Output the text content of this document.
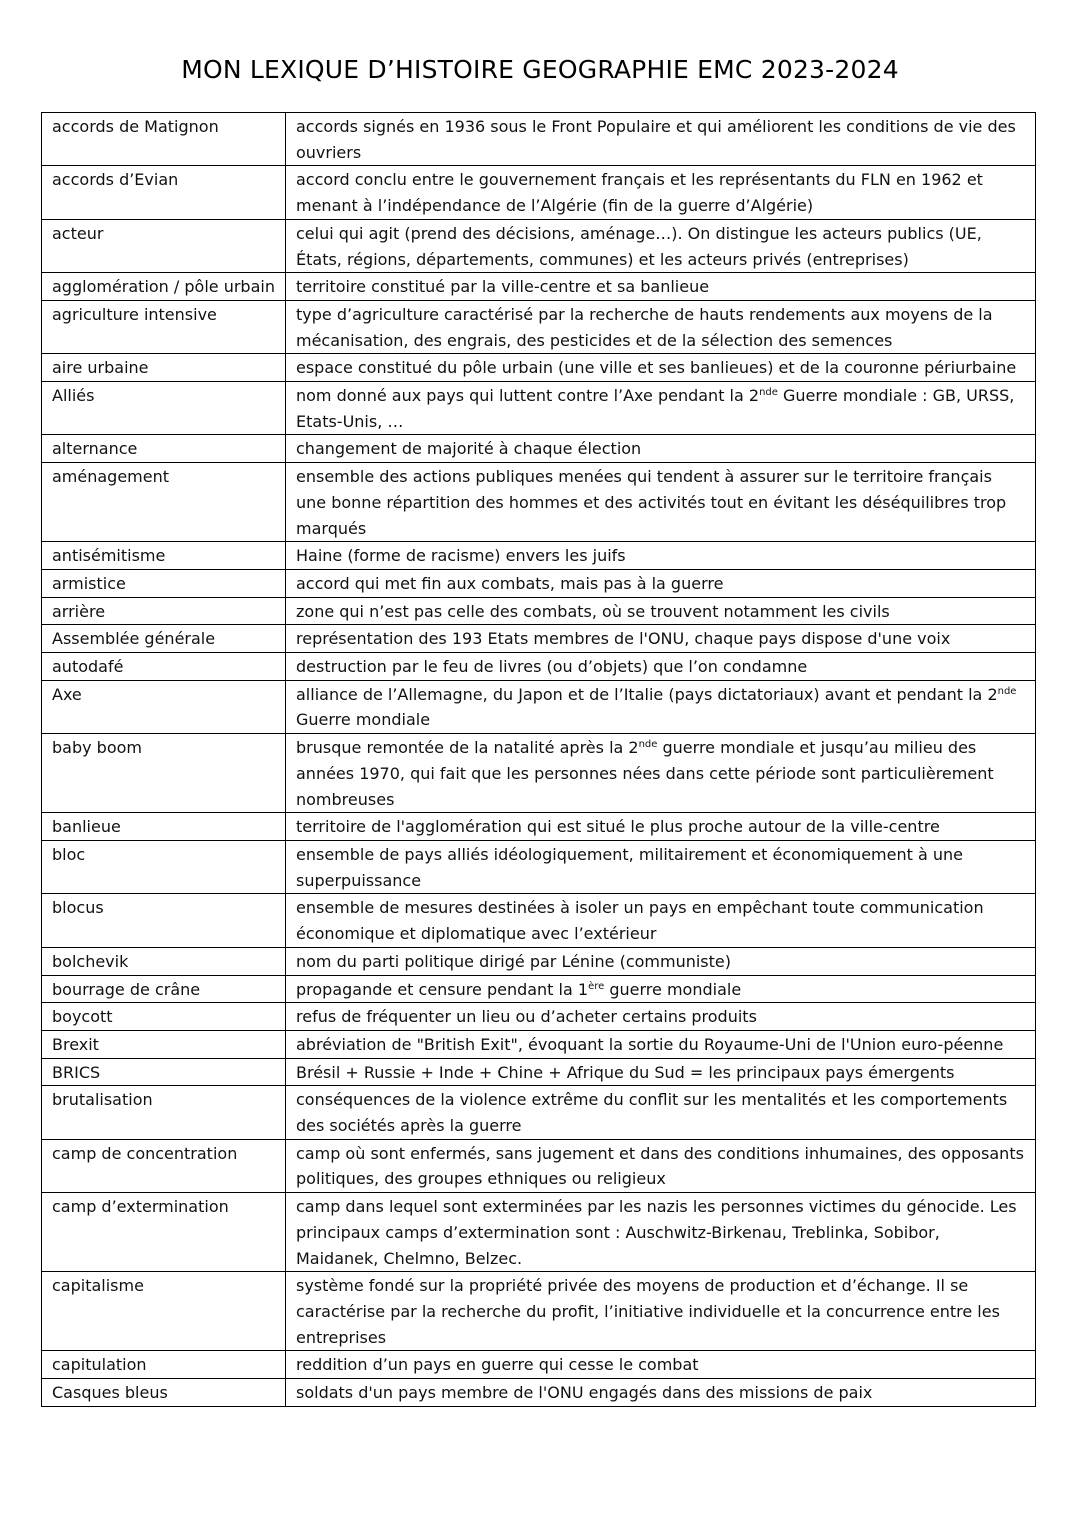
MON LEXIQUE D’HISTOIRE GEOGRAPHIE EMC 2023-2024
accords de Matignon	accords signés en 1936 sous le Front Populaire et qui améliorent les conditions de vie des ouvriers
accords d’Evian	accord conclu entre le gouvernement français et les représentants du FLN en 1962 et menant à l’indépendance de l’Algérie (fin de la guerre d’Algérie)
acteur	celui qui agit (prend des décisions, aménage…). On distingue les acteurs publics (UE, États, régions, départements, communes) et les acteurs privés (entreprises)
agglomération / pôle urbain	territoire constitué par la ville-centre et sa banlieue
agriculture intensive	type d’agriculture caractérisé par la recherche de hauts rendements aux moyens de la mécanisation, des engrais, des pesticides et de la sélection des semences
aire urbaine	espace constitué du pôle urbain (une ville et ses banlieues) et de la couronne périurbaine
Alliés	nom donné aux pays qui luttent contre l’Axe pendant la 2nde Guerre mondiale : GB, URSS, Etats-Unis, …
alternance	changement de majorité à chaque élection
aménagement	ensemble des actions publiques menées qui tendent à assurer sur le territoire français une bonne répartition des hommes et des activités tout en évitant les déséquilibres trop marqués
antisémitisme	Haine (forme de racisme) envers les juifs
armistice	accord qui met fin aux combats, mais pas à la guerre
arrière	zone qui n’est pas celle des combats, où se trouvent notamment les civils
Assemblée générale	représentation des 193 Etats membres de l'ONU, chaque pays dispose d'une voix
autodafé	destruction par le feu de livres (ou d’objets) que l’on condamne
Axe	alliance de l’Allemagne, du Japon et de l’Italie (pays dictatoriaux) avant et pendant la 2nde Guerre mondiale
baby boom	brusque remontée de la natalité après la 2nde guerre mondiale et jusqu’au milieu des années 1970, qui fait que les personnes nées dans cette période sont particulièrement nombreuses
banlieue	territoire de l'agglomération qui est situé le plus proche autour de la ville-centre
bloc	ensemble de pays alliés idéologiquement, militairement et économiquement à une superpuissance
blocus	ensemble de mesures destinées à isoler un pays en empêchant toute communication économique et diplomatique avec l’extérieur
bolchevik	nom du parti politique dirigé par Lénine (communiste)
bourrage de crâne	propagande et censure pendant la 1ère guerre mondiale
boycott	refus de fréquenter un lieu ou d’acheter certains produits
Brexit	abréviation de "British Exit", évoquant la sortie du Royaume-Uni de l'Union euro-péenne
BRICS	Brésil + Russie + Inde + Chine + Afrique du Sud = les principaux pays émergents
brutalisation	conséquences de la violence extrême du conflit sur les mentalités et les comportements des sociétés après la guerre
camp de concentration	camp où sont enfermés, sans jugement et dans des conditions inhumaines, des opposants politiques, des groupes ethniques ou religieux
camp d’extermination	camp dans lequel sont exterminées par les nazis les personnes victimes du génocide. Les principaux camps d’extermination sont : Auschwitz-Birkenau, Treblinka, Sobibor, Maidanek, Chelmno, Belzec.
capitalisme	système fondé sur la propriété privée des moyens de production et d’échange. Il se caractérise par la recherche du profit, l’initiative individuelle et la concurrence entre les entreprises
capitulation	reddition d’un pays en guerre qui cesse le combat
Casques bleus	soldats d'un pays membre de l'ONU engagés dans des missions de paix
